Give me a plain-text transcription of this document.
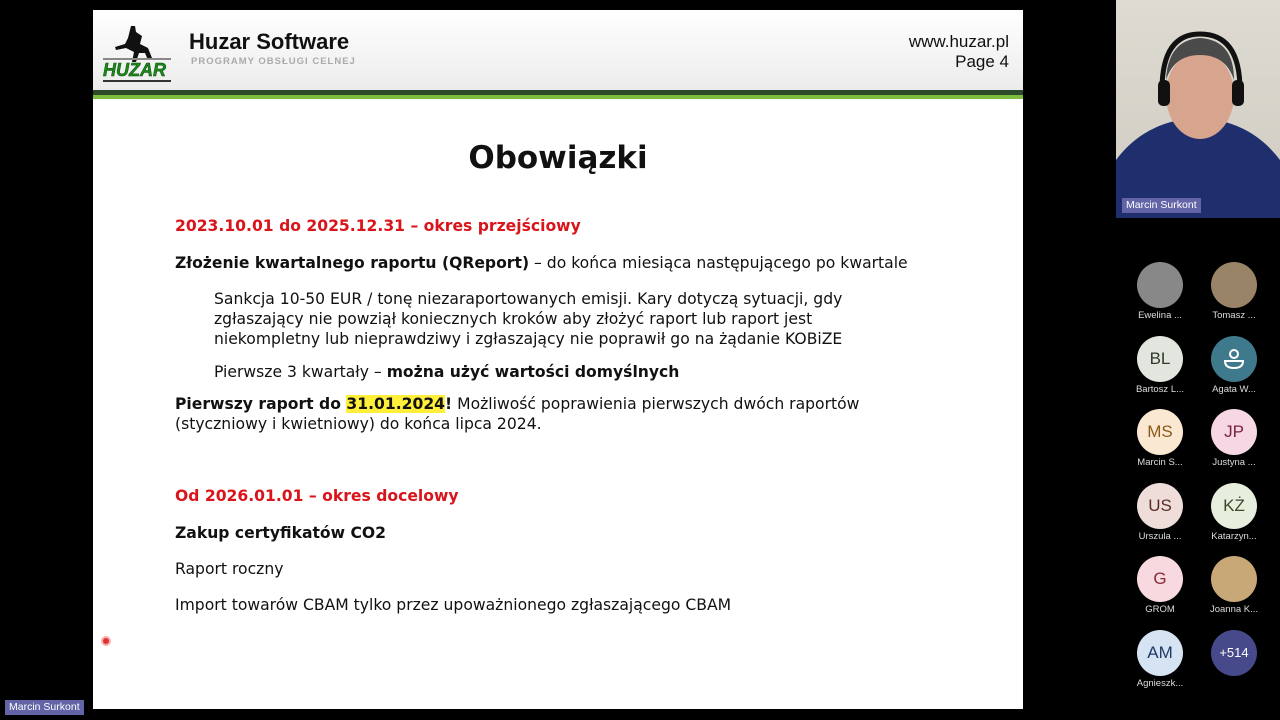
HUZAR
Huzar Software
PROGRAMY OBSŁUGI CELNEJ
www.huzar.pl
Page 4
Obowiązki
2023.10.01 do 2025.12.31 – okres przejściowy
Złożenie kwartalnego raportu (QReport) – do końca miesiąca następującego po kwartale
Sankcja 10-50 EUR / tonę niezaraportowanych emisji. Kary dotyczą sytuacji, gdy
zgłaszający nie powziął koniecznych kroków aby złożyć raport lub raport jest
niekompletny lub nieprawdziwy i zgłaszający nie poprawił go na żądanie KOBiZE
Pierwsze 3 kwartały – można użyć wartości domyślnych
Pierwszy raport do 31.01.2024! Możliwość poprawienia pierwszych dwóch raportów
(styczniowy i kwietniowy) do końca lipca 2024.
Od 2026.01.01 – okres docelowy
Zakup certyfikatów CO2
Raport roczny
Import towarów CBAM tylko przez upoważnionego zgłaszającego CBAM
Marcin Surkont
Marcin Surkont
Ewelina ...	Tomasz ...
BL
Bartosz L...	Agata W...
MS
Marcin S...
JP
Justyna ...
US
Urszula ...
KŻ
Katarzyn...
G
GROM	Joanna K...
AM
Agnieszk...
+514
